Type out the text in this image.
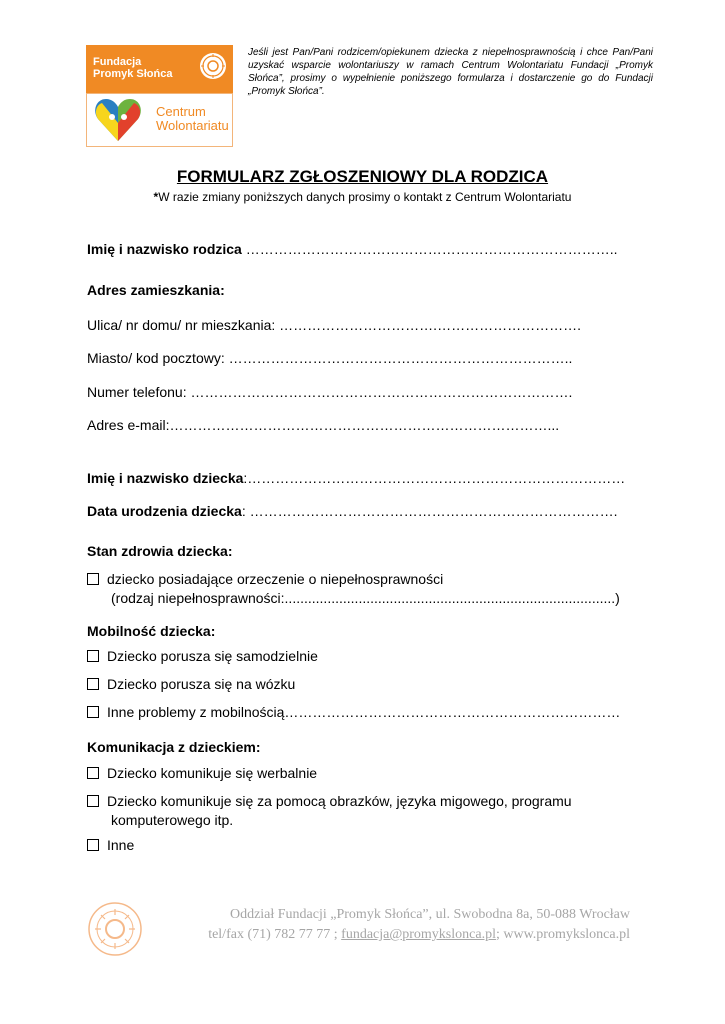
Fundacja
Promyk Słońca
Centrum
Wolontariatu
Jeśli jest Pan/Pani rodzicem/opiekunem dziecka z niepełnosprawnością i chce Pan/Pani uzyskać wsparcie wolontariuszy w ramach Centrum Wolontariatu Fundacji „Promyk Słońca”, prosimy o wypełnienie poniższego formularza i dostarczenie go do Fundacji „Promyk Słońca”.
FORMULARZ ZGŁOSZENIOWY DLA RODZICA
*W razie zmiany poniższych danych prosimy o kontakt z Centrum Wolontariatu
Imię i nazwisko rodzica ……………………………………………………………………..
Adres zamieszkania:
Ulica/ nr domu/ nr mieszkania: …………………………….………………………….
Miasto/ kod pocztowy: ………………………………………………………………..
Numer telefonu: ……………………………………………………………………….
Adres e-mail:………………………………………………………………………...
Imię i nazwisko dziecka:………………………………………………………………………
Data urodzenia dziecka: …………………………………………………………………….
Stan zdrowia dziecka:
dziecko posiadające orzeczenie o niepełnosprawności
(rodzaj niepełnosprawności:.....................................................................................)
Mobilność dziecka:
Dziecko porusza się samodzielnie
Dziecko porusza się na wózku
Inne problemy z mobilnością………………………………………………………………
Komunikacja z dzieckiem:
Dziecko komunikuje się werbalnie
Dziecko komunikuje się za pomocą obrazków, języka migowego, programu
komputerowego itp.
Inne
Oddział Fundacji „Promyk Słońca”, ul. Swobodna 8a, 50-088 Wrocław
tel/fax (71) 782 77 77 ; fundacja@promykslonca.pl; www.promykslonca.pl
